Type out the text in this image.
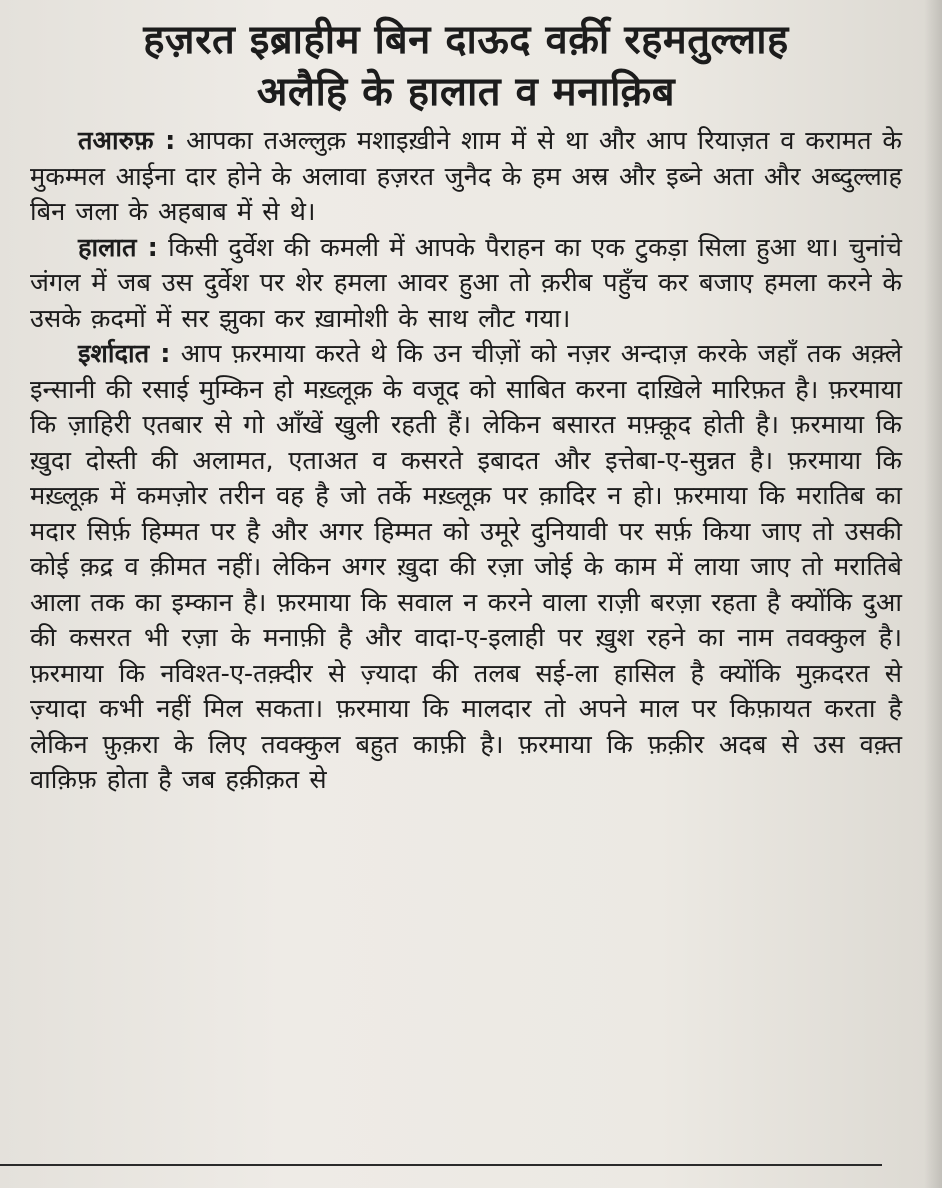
हज़रत इब्राहीम बिन दाऊद वर्क़ी रहमतुल्लाह
अलैहि के हालात व मनाक़िब

तआरुफ़ : आपका तअल्लुक़ मशाइख़ीने शाम में से था और आप रियाज़त व करामत के मुकम्मल आईना दार होने के अलावा हज़रत जुनैद के हम अस्र और इब्ने अता और अब्दुल्लाह बिन जला के अहबाब में से थे।

हालात : किसी दुर्वेश की कमली में आपके पैराहन का एक टुकड़ा सिला हुआ था। चुनांचे जंगल में जब उस दुर्वेश पर शेर हमला आवर हुआ तो क़रीब पहुँच कर बजाए हमला करने के उसके क़दमों में सर झुका कर ख़ामोशी के साथ लौट गया।

इर्शादात : आप फ़रमाया करते थे कि उन चीज़ों को नज़र अन्दाज़ करके जहाँ तक अक़्ले इन्सानी की रसाई मुम्किन हो मख़्लूक़ के वजूद को साबित करना दाख़िले मारिफ़त है। फ़रमाया कि ज़ाहिरी एतबार से गो आँखें खुली रहती हैं। लेकिन बसारत मफ़्क़ूद होती है। फ़रमाया कि ख़ुदा दोस्ती की अलामत, एताअत व कसरते इबादत और इत्तेबा-ए-सुन्नत है। फ़रमाया कि मख़्लूक़ में कमज़ोर तरीन वह है जो तर्के मख़्लूक़ पर क़ादिर न हो। फ़रमाया कि मरातिब का मदार सिर्फ़ हिम्मत पर है और अगर हिम्मत को उमूरे दुनियावी पर सर्फ़ किया जाए तो उसकी कोई क़द्र व क़ीमत नहीं। लेकिन अगर ख़ुदा की रज़ा जोई के काम में लाया जाए तो मरातिबे आला तक का इम्कान है। फ़रमाया कि सवाल न करने वाला राज़ी बरज़ा रहता है क्योंकि दुआ की कसरत भी रज़ा के मनाफ़ी है और वादा-ए-इलाही पर ख़ुश रहने का नाम तवक्कुल है। फ़रमाया कि नविश्त-ए-तक़्दीर से ज़्यादा की तलब सई-ला हासिल है क्योंकि मुक़दरत से ज़्यादा कभी नहीं मिल सकता। फ़रमाया कि मालदार तो अपने माल पर किफ़ायत करता है लेकिन फ़ुक़रा के लिए तवक्कुल बहुत काफ़ी है। फ़रमाया कि फ़क़ीर अदब से उस वक़्त वाक़िफ़ होता है जब हक़ीक़त से
